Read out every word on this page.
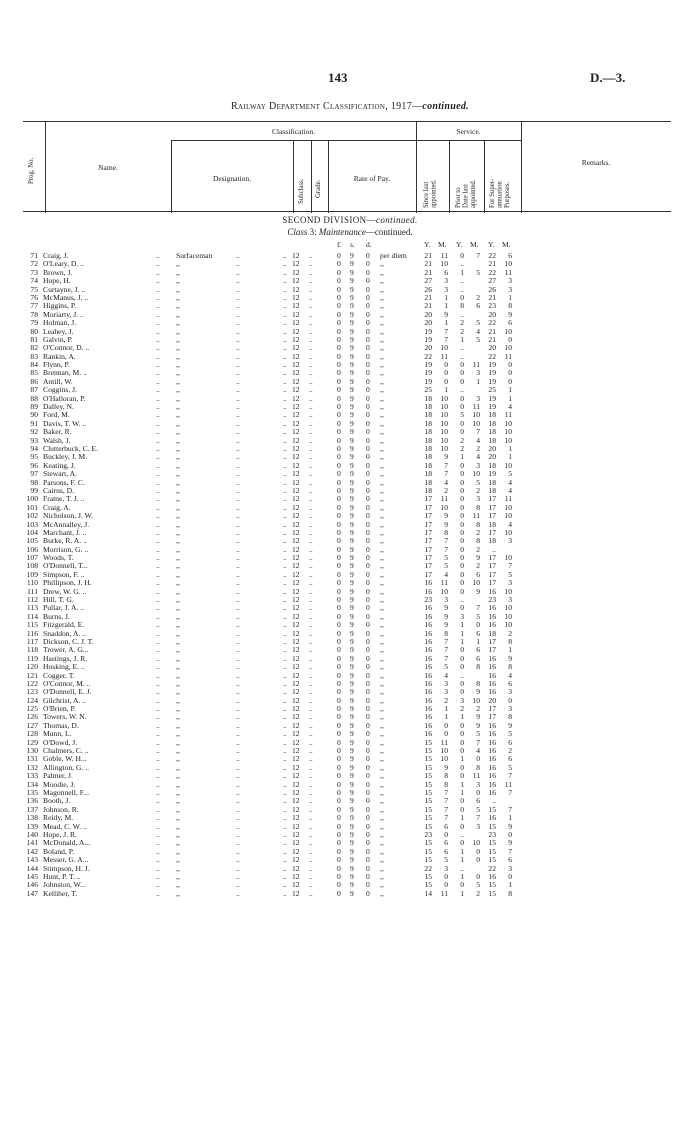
143	D.—3.
Railway Department Classification, 1917—continued.
Prog. No.	Name.
Classification.	Service.
Designation.	Subclass. Grade.
Rate of Pay.
Since last
appointed.	Prior to
Date last
appointed. For Super-
annuation
Purposes.
Remarks.
SECOND DIVISION—continued.
Class 3: Maintenance—continued.
£ s. d.	Y. M. Y. M. Y. M.
71 Craig, J.	.. Surfaceman	..	.. 12 ..	0 9 0 per diem	21	11	0	7	22	6
72 O'Leary, D. ..	.. ,,	..	.. 12 ..	0 9 0 ,,	21	10	..	21	10
73 Brown, J.	.. ,,	..	.. 12 ..	0 9 0 ,,	21	6	1	5	22	11
74 Hope, H.	.. ,,	..	.. 12 ..	0 9 0 ,,	27	3	..	27	3
75 Curtayne, J. ..	.. ,,	..	.. 12 ..	0 9 0 ,,	26	3	..	26	3
76 McManus, J. ..	.. ,,	..	.. 12 ..	0 9 0 ,,	21	1	0	2	21	1
77 Higgins, P.	.. ,,	..	.. 12 ..	0 9 0 ,,	21	1	8	6	23	8
78 Moriarty, J. ..	.. ,,	..	.. 12 ..	0 9 0 ,,	20	9	..	20	9
79 Holman, J.	.. ,,	..	.. 12 ..	0 9 0 ,,	20	1	2	5	22	6
80 Leahey, J.	.. ,,	..	.. 12 ..	0 9 0 ,,	19	7	2	4	21	10
81 Galvin, P.	.. ,,	..	.. 12 ..	0 9 0 ,,	19	7	1	5	21	0
82 O'Connor, D. ..	.. ,,	..	.. 12 ..	0 9 0 ,,	20	10	..	20	10
83 Rankin, A.	.. ,,	..	.. 12 ..	0 9 0 ,,	22	11	..	22	11
84 Flynn, P.	.. ,,	..	.. 12 ..	0 9 0 ,,	19	0	0	11	19	0
85 Brennan, M. ..	.. ,,	..	.. 12 ..	0 9 0 ,,	19	0	0	3	19	0
86 Antill, W.	.. ,,	..	.. 12 ..	0 9 0 ,,	19	0	0	1	19	0
87 Coggins, J.	.. ,,	..	.. 12 ..	0 9 0 ,,	25	1	..	25	1
88 O'Halloran, P.	.. ,,	..	.. 12 ..	0 9 0 ,,	18	10	0	3	19	1
89 Dalley, N.	.. ,,	..	.. 12 ..	0 9 0 ,,	18	10	0	11	19	4
90 Ford, M.	.. ,,	..	.. 12 ..	0 9 0 ,,	18	10	5	10	18	11
91 Davis, T. W. ..	.. ,,	..	.. 12 ..	0 9 0 ,,	18	10	0	10	18	10
92 Baker, R.	.. ,,	..	.. 12 ..	0 9 0 ,,	18	10	0	7	18	10
93 Walsh, J.	.. ,,	..	.. 12 ..	0 9 0 ,,	18	10	2	4	18	10
94 Clutterbuck, C. E.	.. ,,	..	.. 12 ..	0 9 0 ,,	18	10	2	2	20	1
95 Buckley, J. M.	.. ,,	..	.. 12 ..	0 9 0 ,,	18	9	1	4	20	1
96 Keating, J.	.. ,,	..	.. 12 ..	0 9 0 ,,	18	7	0	3	18	10
97 Stewart, A.	.. ,,	..	.. 12 ..	0 9 0 ,,	18	7	0	10	19	5
98 Parsons, F. C.	.. ,,	..	.. 12 ..	0 9 0 ,,	18	4	0	5	18	4
99 Cairns, D.	.. ,,	..	.. 12 ..	0 9 0 ,,	18	2	0	2	18	4
100 Frame, T. J. ..	.. ,,	..	.. 12 ..	0 9 0 ,,	17	11	0	3	17	11
101 Craig, A.	.. ,,	..	.. 12 ..	0 9 0 ,,	17	10	0	8	17	10
102 Nicholson, J. W.	.. ,,	..	.. 12 ..	0 9 0 ,,	17	9	0	11	17	10
103 McAnnalley, J.	.. ,,	..	.. 12 ..	0 9 0 ,,	17	9	0	8	18	4
104 Marchant, J. ..	.. ,,	..	.. 12 ..	0 9 0 ,,	17	8	0	2	17	10
105 Burke, R. A. ..	.. ,,	..	.. 12 ..	0 9 0 ,,	17	7	0	8	18	3
106 Morrison, G. ..	.. ,,	..	.. 12 ..	0 9 0 ,,	17	7	0	2	..
107 Woods, T.	.. ,,	..	.. 12 ..	0 9 0 ,,	17	5	0	9	17	10
108 O'Donnell, T...	.. ,,	..	.. 12 ..	0 9 0 ,,	17	5	0	2	17	7
109 Simpson, F. ..	.. ,,	..	.. 12 ..	0 9 0 ,,	17	4	0	6	17	5
110 Phillipson, J. H.	.. ,,	..	.. 12 ..	0 9 0 ,,	16	11	0	10	17	3
111 Drew, W. G. ..	.. ,,	..	.. 12 ..	0 9 0 ,,	16	10	0	9	16	10
112 Hill, T. G.	.. ,,	..	.. 12 ..	0 9 0 ,,	23	3	..	23	3
113 Pullar, J. A. ..	.. ,,	..	.. 12 ..	0 9 0 ,,	16	9	0	7	16	10
114 Burns, J.	.. ,,	..	.. 12 ..	0 9 0 ,,	16	9	3	5	16	10
115 Fitzgerald, E.	.. ,,	..	.. 12 ..	0 9 0 ,,	16	9	1	0	16	10
116 Snaddon, A. ..	.. ,,	..	.. 12 ..	0 9 0 ,,	16	8	1	6	18	2
117 Dickson, C. J. T.	.. ,,	..	.. 12 ..	0 9 0 ,,	16	7	1	1	17	8
118 Trower, A. G...	.. ,,	..	.. 12 ..	0 9 0 ,,	16	7	0	6	17	1
119 Hastings, J. R.	.. ,,	..	.. 12 ..	0 9 0 ,,	16	7	0	6	16	9
120 Hosking, E. ..	.. ,,	..	.. 12 ..	0 9 0 ,,	16	5	0	8	16	8
121 Cogger, T.	.. ,,	..	.. 12 ..	0 9 0 ,,	16	4	..	16	4
122 O'Connor, M. ..	.. ,,	..	.. 12 ..	0 9 0 ,,	16	3	0	8	16	6
123 O'Donnell, E. J.	.. ,,	..	.. 12 ..	0 9 0 ,,	16	3	0	9	16	3
124 Gilchrist, A. ..	.. ,,	..	.. 12 ..	0 9 0 ,,	16	2	3	10	20	0
125 O'Brien, P.	.. ,,	..	.. 12 ..	0 9 0 ,,	16	1	2	2	17	3
126 Towers, W. N.	.. ,,	..	.. 12 ..	0 9 0 ,,	16	1	1	9	17	8
127 Thomas, D.	.. ,,	..	.. 12 ..	0 9 0 ,,	16	0	0	9	16	9
128 Munn, L.	.. ,,	..	.. 12 ..	0 9 0 ,,	16	0	0	5	16	5
129 O'Dowd, J.	.. ,,	..	.. 12 ..	0 9 0 ,,	15	11	0	7	16	6
130 Chalmers, C. ..	.. ,,	..	.. 12 ..	0 9 0 ,,	15	10	0	4	16	2
131 Goble, W. H...	.. ,,	..	.. 12 ..	0 9 0 ,,	15	10	1	0	16	6
132 Allington, G. ..	.. ,,	..	.. 12 ..	0 9 0 ,,	15	9	0	8	16	5
133 Palmer, J.	.. ,,	..	.. 12 ..	0 9 0 ,,	15	8	0	11	16	7
134 Moodie, J.	.. ,,	..	.. 12 ..	0 9 0 ,,	15	8	1	3	16	11
135 Magonnell, F...	.. ,,	..	.. 12 ..	0 9 0 ,,	15	7	1	0	16	7
136 Booth, J.	.. ,,	..	.. 12 ..	0 9 0 ,,	15	7	0	6	..
137 Johnson, R.	.. ,,	..	.. 12 ..	0 9 0 ,,	15	7	0	5	15	7
138 Reidy, M.	.. ,,	..	.. 12 ..	0 9 0 ,,	15	7	1	7	16	1
139 Mead, C. W. ..	.. ,,	..	.. 12 ..	0 9 0 ,,	15	6	0	3	15	9
140 Hope, J. R.	.. ,,	..	.. 12 ..	0 9 0 ,,	23	0	..	23	0
141 McDonald, A...	.. ,,	..	.. 12 ..	0 9 0 ,,	15	6	0	10	15	9
142 Boland, P.	.. ,,	..	.. 12 ..	0 9 0 ,,	15	6	1	0	15	7
143 Messer, G. A...	.. ,,	..	.. 12 ..	0 9 0 ,,	15	5	1	0	15	6
144 Stimpson, H. J.	.. ,,	..	.. 12 ..	0 9 0 ,,	22	3	..	22	3
145 Hunt, P. T. ..	.. ,,	..	.. 12 ..	0 9 0 ,,	15	0	1	0	16	0
146 Johnston, W...	.. ,,	..	.. 12 ..	0 9 0 ,,	15	0	0	5	15	1
147 Kelliher, T.	.. ,,	..	.. 12 ..	0 9 0 ,,	14	11	1	2	15	8
